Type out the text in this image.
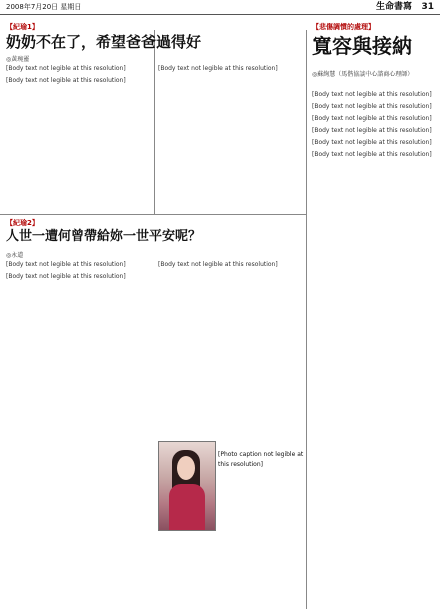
2008年7月20日 星期日	生命書寫 31
【紀瑜1】
奶奶不在了，希望爸爸過得好
◎黃琬靈

[Body text not legible at this resolution]

[Body text not legible at this resolution]

[Body text not legible at this resolution]

【紀瑜2】
人世一遭何曾帶給妳一世平安呢？
◎永道

[Body text not legible at this resolution]

[Body text not legible at this resolution]

[Body text not legible at this resolution]

[Photo caption not legible at this resolution]
【悲傷調慣的處理】
寬容與接納
◎蘇絢慧（馬偕協談中心諮商心理師）

[Body text not legible at this resolution]

[Body text not legible at this resolution]

[Body text not legible at this resolution]

[Body text not legible at this resolution]

[Body text not legible at this resolution]

[Body text not legible at this resolution]
